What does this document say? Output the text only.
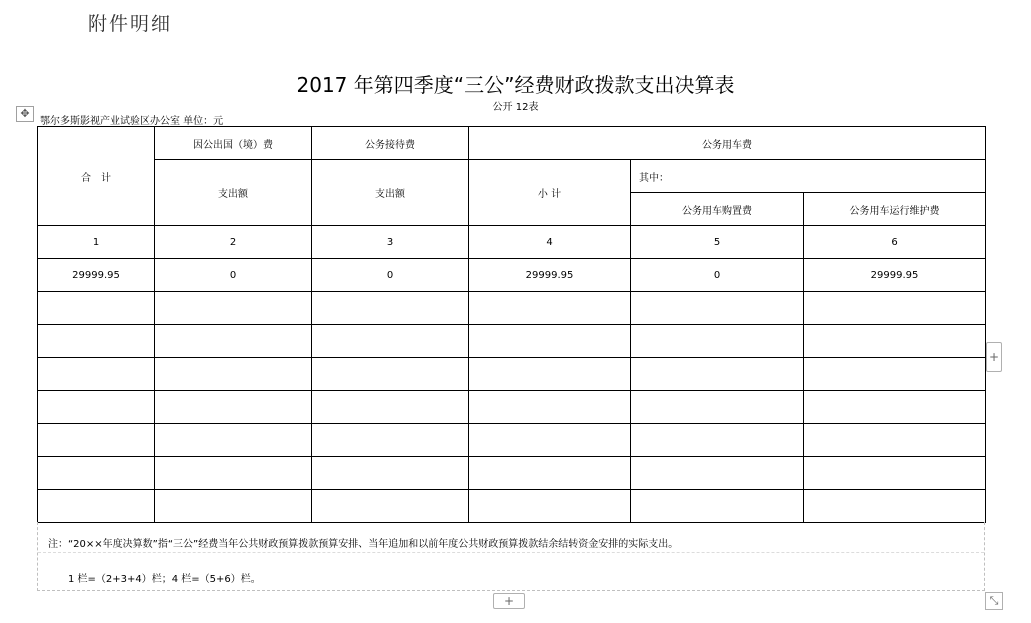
附件明细
2017 年第四季度“三公”经费财政拨款支出决算表
公开 12表
✥
鄂尔多斯影视产业试验区办公室 单位：元
合　计	因公出国（境）费	公务接待费	公务用车费		
	支出额	支出额	小 计	其中：	
				公务用车购置费	公务用车运行维护费
1	2	3	4	5	6
29999.95	0	0	29999.95	0	29999.95

注：“20××年度决算数”指“三公”经费当年公共财政预算拨款预算安排、当年追加和以前年度公共财政预算拨款结余结转资金安排的实际支出。
1 栏=（2+3+4）栏；4 栏=（5+6）栏。
+
+	⤡
